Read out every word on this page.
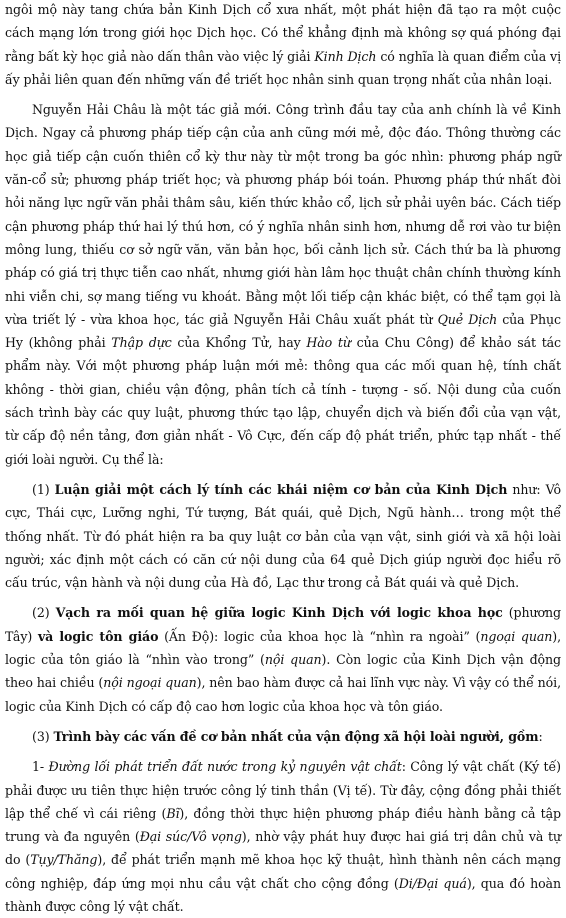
ngôi mộ này tang chứa bản Kinh Dịch cổ xưa nhất, một phát hiện đã tạo ra một cuộc cách mạng lớn trong giới học Dịch học. Có thể khẳng định mà không sợ quá phóng đại rằng bất kỳ học giả nào dấn thân vào việc lý giải Kinh Dịch có nghĩa là quan điểm của vị ấy phải liên quan đến những vấn đề triết học nhân sinh quan trọng nhất của nhân loại.

Nguyễn Hải Châu là một tác giả mới. Công trình đầu tay của anh chính là về Kinh Dịch. Ngay cả phương pháp tiếp cận của anh cũng mới mẻ, độc đáo. Thông thường các học giả tiếp cận cuốn thiên cổ kỳ thư này từ một trong ba góc nhìn: phương pháp ngữ văn-cổ sử; phương pháp triết học; và phương pháp bói toán. Phương pháp thứ nhất đòi hỏi năng lực ngữ văn phải thâm sâu, kiến thức khảo cổ, lịch sử phải uyên bác. Cách tiếp cận phương pháp thứ hai lý thú hơn, có ý nghĩa nhân sinh hơn, nhưng dễ rơi vào tư biện mông lung, thiếu cơ sở ngữ văn, văn bản học, bối cảnh lịch sử. Cách thứ ba là phương pháp có giá trị thực tiễn cao nhất, nhưng giới hàn lâm học thuật chân chính thường kính nhi viễn chi, sợ mang tiếng vu khoát. Bằng một lối tiếp cận khác biệt, có thể tạm gọi là vừa triết lý - vừa khoa học, tác giả Nguyễn Hải Châu xuất phát từ Quẻ Dịch của Phục Hy (không phải Thập dực của Khổng Tử, hay Hào từ của Chu Công) để khảo sát tác phẩm này. Với một phương pháp luận mới mẻ: thông qua các mối quan hệ, tính chất không - thời gian, chiều vận động, phân tích cả tính - tượng - số. Nội dung của cuốn sách trình bày các quy luật, phương thức tạo lập, chuyển dịch và biến đổi của vạn vật, từ cấp độ nền tảng, đơn giản nhất - Vô Cực, đến cấp độ phát triển, phức tạp nhất - thế giới loài người. Cụ thể là:

(1) Luận giải một cách lý tính các khái niệm cơ bản của Kinh Dịch như: Vô cực, Thái cực, Lưỡng nghi, Tứ tượng, Bát quái, quẻ Dịch, Ngũ hành… trong một thể thống nhất. Từ đó phát hiện ra ba quy luật cơ bản của vạn vật, sinh giới và xã hội loài người; xác định một cách có căn cứ nội dung của 64 quẻ Dịch giúp người đọc hiểu rõ cấu trúc, vận hành và nội dung của Hà đồ, Lạc thư trong cả Bát quái và quẻ Dịch.

(2) Vạch ra mối quan hệ giữa logic Kinh Dịch với logic khoa học (phương Tây) và logic tôn giáo (Ấn Độ): logic của khoa học là “nhìn ra ngoài” (ngoại quan), logic của tôn giáo là “nhìn vào trong” (nội quan). Còn logic của Kinh Dịch vận động theo hai chiều (nội ngoại quan), nên bao hàm được cả hai lĩnh vực này. Vì vậy có thể nói, logic của Kinh Dịch có cấp độ cao hơn logic của khoa học và tôn giáo.

(3) Trình bày các vấn đề cơ bản nhất của vận động xã hội loài người, gồm:

1- Đường lối phát triển đất nước trong kỷ nguyên vật chất: Công lý vật chất (Ký tế) phải được ưu tiên thực hiện trước công lý tinh thần (Vị tế). Từ đây, cộng đồng phải thiết lập thể chế vì cái riêng (Bĩ), đồng thời thực hiện phương pháp điều hành bằng cả tập trung và đa nguyên (Đại súc/Vô vọng), nhờ vậy phát huy được hai giá trị dân chủ và tự do (Tụy/Thăng), để phát triển mạnh mẽ khoa học kỹ thuật, hình thành nên cách mạng công nghiệp, đáp ứng mọi nhu cầu vật chất cho cộng đồng (Di/Đại quá), qua đó hoàn thành được công lý vật chất.
